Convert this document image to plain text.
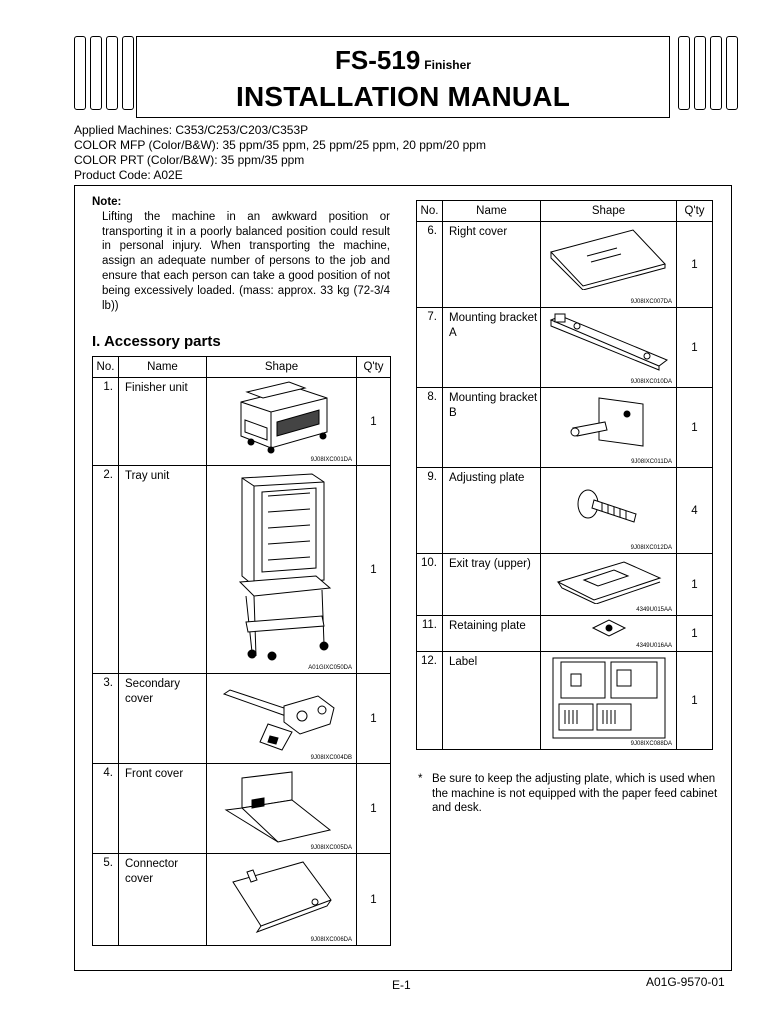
FS-519 Finisher
INSTALLATION MANUAL
Applied Machines: C353/C253/C203/C353P
COLOR MFP (Color/B&W): 35 ppm/35 ppm, 25 ppm/25 ppm, 20 ppm/20 ppm
COLOR PRT (Color/B&W): 35 ppm/35 ppm
Product Code: A02E
Note:
Lifting the machine in an awkward position or transporting it in a poorly balanced position could result in personal injury. When transporting the machine, assign an adequate number of persons to the job and ensure that each person can take a good position of not being excessively loaded. (mass: approx. 33 kg (72-3/4 lb))
I. Accessory parts
No.	Name	Shape	Q'ty
1.	Finisher unit	9J08IXC001DA	1
2.	Tray unit	A01GIXC050DA	1
3.	Secondary cover	9J08IXC004DB	1
4.	Front cover	9J08IXC005DA	1
5.	Connector cover	9J08IXC006DA	1
No.	Name	Shape	Q'ty
6.	Right cover	9J08IXC007DA	1
7.	Mounting bracket A	9J08IXC010DA	1
8.	Mounting bracket B	9J08IXC011DA	1
9.	Adjusting plate	9J08IXC012DA	4
10.	Exit tray (upper)	4349U015AA	1
11.	Retaining plate	4349U016AA	1
12.	Label	9J08IXC088DA	1
* Be sure to keep the adjusting plate, which is used when the machine is not equipped with the paper feed cabinet and desk.
E-1	A01G-9570-01
